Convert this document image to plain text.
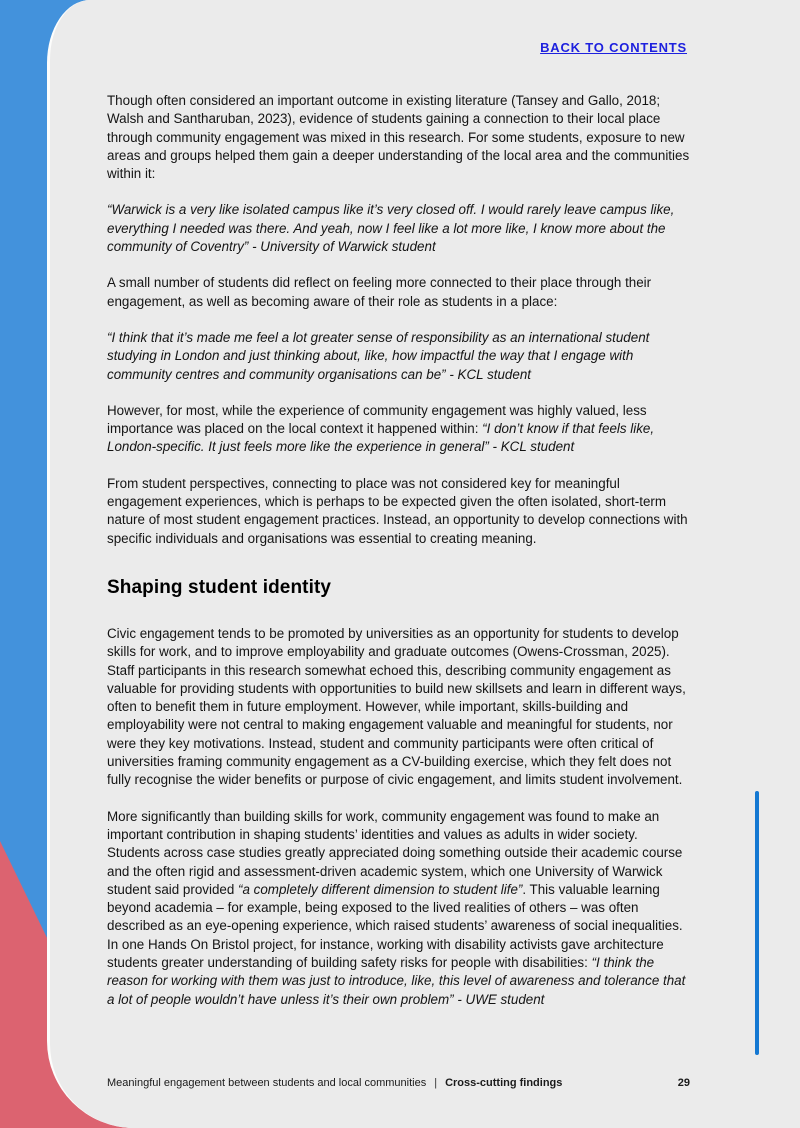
BACK TO CONTENTS

Though often considered an important outcome in existing literature (Tansey and Gallo, 2018; Walsh and Santharuban, 2023), evidence of students gaining a connection to their local place through community engagement was mixed in this research. For some students, exposure to new areas and groups helped them gain a deeper understanding of the local area and the communities within it:

“Warwick is a very like isolated campus like it’s very closed off. I would rarely leave campus like, everything I needed was there. And yeah, now I feel like a lot more like, I know more about the community of Coventry” - University of Warwick student

A small number of students did reflect on feeling more connected to their place through their engagement, as well as becoming aware of their role as students in a place:

“I think that it’s made me feel a lot greater sense of responsibility as an international student studying in London and just thinking about, like, how impactful the way that I engage with community centres and community organisations can be” - KCL student

However, for most, while the experience of community engagement was highly valued, less importance was placed on the local context it happened within: “I don’t know if that feels like, London-specific. It just feels more like the experience in general” - KCL student

From student perspectives, connecting to place was not considered key for meaningful engagement experiences, which is perhaps to be expected given the often isolated, short-term nature of most student engagement practices. Instead, an opportunity to develop connections with specific individuals and organisations was essential to creating meaning.

Shaping student identity

Civic engagement tends to be promoted by universities as an opportunity for students to develop skills for work, and to improve employability and graduate outcomes (Owens-Crossman, 2025). Staff participants in this research somewhat echoed this, describing community engagement as valuable for providing students with opportunities to build new skillsets and learn in different ways, often to benefit them in future employment. However, while important, skills-building and employability were not central to making engagement valuable and meaningful for students, nor were they key motivations. Instead, student and community participants were often critical of universities framing community engagement as a CV-building exercise, which they felt does not fully recognise the wider benefits or purpose of civic engagement, and limits student involvement.

More significantly than building skills for work, community engagement was found to make an important contribution in shaping students’ identities and values as adults in wider society. Students across case studies greatly appreciated doing something outside their academic course and the often rigid and assessment-driven academic system, which one University of Warwick student said provided “a completely different dimension to student life”. This valuable learning beyond academia – for example, being exposed to the lived realities of others – was often described as an eye-opening experience, which raised students’ awareness of social inequalities. In one Hands On Bristol project, for instance, working with disability activists gave architecture students greater understanding of building safety risks for people with disabilities: “I think the reason for working with them was just to introduce, like, this level of awareness and tolerance that a lot of people wouldn’t have unless it’s their own problem” - UWE student

Meaningful engagement between students and local communities | Cross-cutting findings	29
